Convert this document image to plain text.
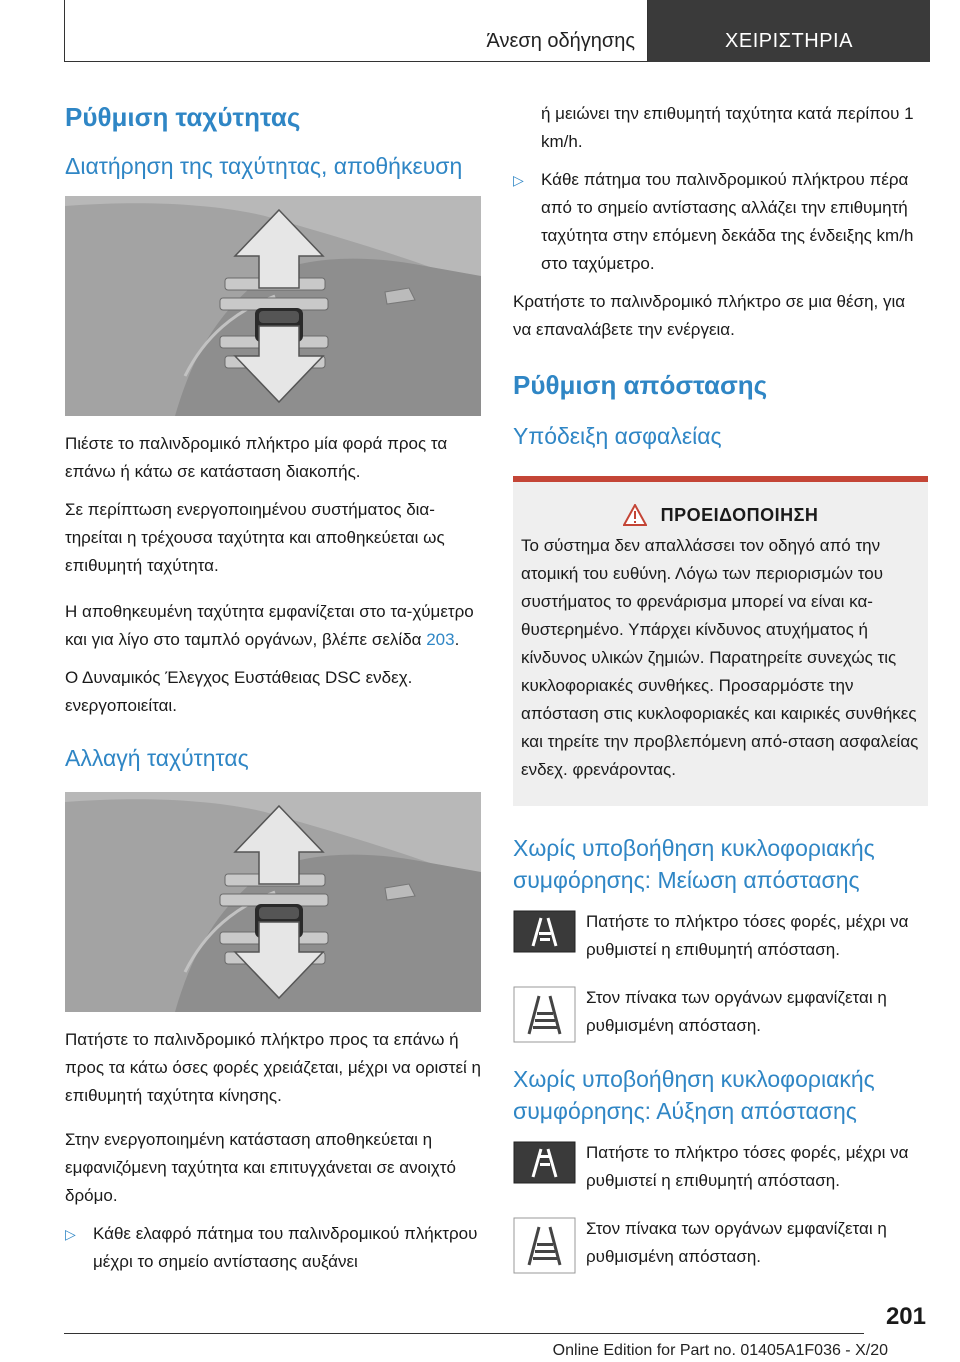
Άνεση οδήγησης	ΧΕΙΡΙΣΤΗΡΙΑ
Ρύθμιση ταχύτητας
Διατήρηση της ταχύτητας, αποθήκευση

Πιέστε το παλινδρομικό πλήκτρο μία φορά προς τα επάνω ή κάτω σε κατάσταση διακοπής.

Σε περίπτωση ενεργοποιημένου συστήματος δια-τηρείται η τρέχουσα ταχύτητα και αποθηκεύεται ως επιθυμητή ταχύτητα.

Η αποθηκευμένη ταχύτητα εμφανίζεται στο τα-χύμετρο και για λίγο στο ταμπλό οργάνων, βλέπε σελίδα 203.

Ο Δυναμικός Έλεγχος Ευστάθειας DSC ενδεχ. ενεργοποιείται.

Αλλαγή ταχύτητας

Πατήστε το παλινδρομικό πλήκτρο προς τα επάνω ή προς τα κάτω όσες φορές χρειάζεται, μέχρι να οριστεί η επιθυμητή ταχύτητα κίνησης.

Στην ενεργοποιημένη κατάσταση αποθηκεύεται η εμφανιζόμενη ταχύτητα και επιτυγχάνεται σε ανοιχτό δρόμο.

▷ Κάθε ελαφρό πάτημα του παλινδρομικού πλήκτρου μέχρι το σημείο αντίστασης αυξάνει

ή μειώνει την επιθυμητή ταχύτητα κατά περίπου 1 km/h.

▷ Κάθε πάτημα του παλινδρομικού πλήκτρου πέρα από το σημείο αντίστασης αλλάζει την επιθυμητή ταχύτητα στην επόμενη δεκάδα της ένδειξης km/h στο ταχύμετρο.

Κρατήστε το παλινδρομικό πλήκτρο σε μια θέση, για να επαναλάβετε την ενέργεια.

Ρύθμιση απόστασης
Υπόδειξη ασφαλείας
ΠΡΟΕΙΔΟΠΟΙΗΣΗ

Το σύστημα δεν απαλλάσσει τον οδηγό από την ατομική του ευθύνη. Λόγω των περιορισμών του συστήματος το φρενάρισμα μπορεί να είναι κα-θυστερημένο. Υπάρχει κίνδυνος ατυχήματος ή κίνδυνος υλικών ζημιών. Παρατηρείτε συνεχώς τις κυκλοφοριακές συνθήκες. Προσαρμόστε την απόσταση στις κυκλοφοριακές και καιρικές συνθήκες και τηρείτε την προβλεπόμενη από-σταση ασφαλείας ενδεχ. φρενάροντας.

Χωρίς υποβοήθηση κυκλοφοριακής συμφόρησης: Μείωση απόστασης

Πατήστε το πλήκτρο τόσες φορές, μέχρι να ρυθμιστεί η επιθυμητή απόσταση.

Στον πίνακα των οργάνων εμφανίζεται η ρυθμισμένη απόσταση.

Χωρίς υποβοήθηση κυκλοφοριακής συμφόρησης: Αύξηση απόστασης

Πατήστε το πλήκτρο τόσες φορές, μέχρι να ρυθμιστεί η επιθυμητή απόσταση.

Στον πίνακα των οργάνων εμφανίζεται η ρυθμισμένη απόσταση.

201
Online Edition for Part no. 01405A1F036 - X/20
